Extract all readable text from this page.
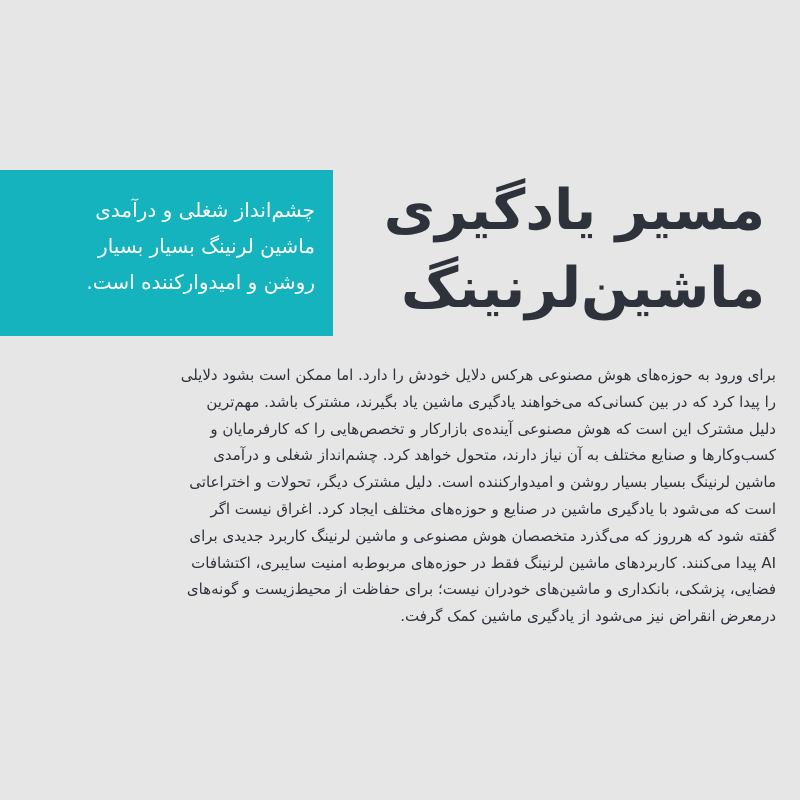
مسیر یادگیری
ماشین‌لرنینگ
چشم‌انداز شغلی و درآمدی
ماشین لرنینگ بسیار بسیار
روشن و امیدوارکننده است.
برای ورود به حوزه‌های هوش مصنوعی هرکس دلایل خودش را دارد. اما ممکن است بشود دلایلی
را پیدا کرد که در بین کسانی‌که می‌خواهند یادگیری ماشین یاد بگیرند، مشترک باشد. مهم‌ترین
دلیل مشترک این است که هوش مصنوعی آینده‌ی بازارکار و تخصص‌هایی را که کارفرمایان و
کسب‌وکارها و صنایع مختلف به آن نیاز دارند، متحول خواهد کرد. چشم‌انداز شغلی و درآمدی
ماشین لرنینگ بسیار بسیار روشن و امیدوارکننده است. دلیل مشترک دیگر، تحولات و اختراعاتی
است که می‌شود با یادگیری ماشین در صنایع و حوزه‌های مختلف ایجاد کرد. اغراق نیست اگر
گفته شود که هرروز که می‌گذرد متخصصان هوش مصنوعی و ماشین لرنینگ کاربرد جدیدی برای
AI پیدا می‌کنند. کاربردهای ماشین لرنینگ فقط در حوزه‌های مربوط‌به امنیت سایبری، اکتشافات
فضایی، پزشکی، بانکداری و ماشین‌های خودران نیست؛ برای حفاظت از محیط‌زیست و گونه‌های
درمعرض انقراض نیز می‌شود از یادگیری ماشین کمک گرفت.
